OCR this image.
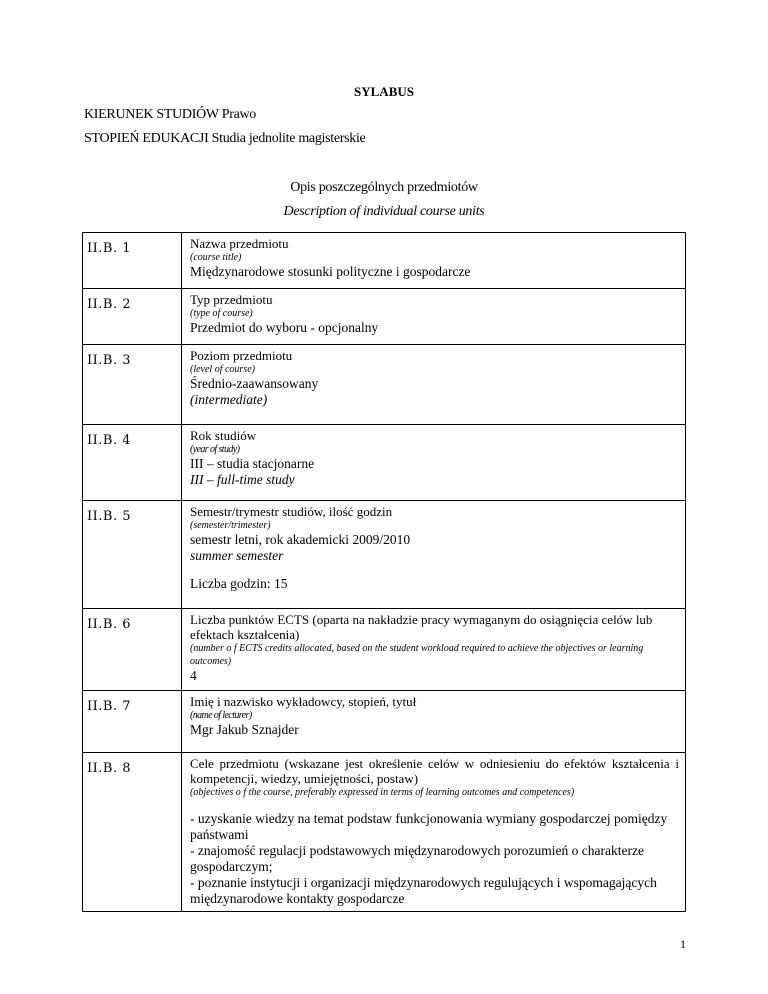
SYLABUS
KIERUNEK STUDIÓW Prawo
STOPIEŃ EDUKACJI Studia jednolite magisterskie
Opis poszczególnych przedmiotów
Description of individual course units
II.B. 1	Nazwa przedmiotu
(course title)
Międzynarodowe stosunki polityczne i gospodarcze

II.B. 2	Typ przedmiotu
(type of course)
Przedmiot do wyboru - opcjonalny

II.B. 3	Poziom przedmiotu
(level of course)
Średnio-zaawansowany
(intermediate)

II.B. 4	Rok studiów
(year of study)
III – studia stacjonarne
III – full-time study

II.B. 5	Semestr/trymestr studiów, ilość godzin
(semester/trimester)
semestr letni, rok akademicki 2009/2010
summer semester
Liczba godzin: 15

II.B. 6	Liczba punktów ECTS (oparta na nakładzie pracy wymaganym do osiągnięcia celów lub efektach kształcenia)
(number o f ECTS credits allocated, based on the student workload required to achieve the objectives or learning outcomes)
4

II.B. 7	Imię i nazwisko wykładowcy, stopień, tytuł
(name of lecturer)
Mgr Jakub Sznajder

II.B. 8	Cele przedmiotu (wskazane jest określenie celów w odniesieniu do efektów kształcenia i kompetencji, wiedzy, umiejętności, postaw)
(objectives o f the course, preferably expressed in terms of learning outcomes and competences)
- uzyskanie wiedzy na temat podstaw funkcjonowania wymiany gospodarczej pomiędzy państwami
- znajomość regulacji podstawowych międzynarodowych porozumień o charakterze gospodarczym;
- poznanie instytucji i organizacji międzynarodowych regulujących i wspomagających międzynarodowe kontakty gospodarcze
1
